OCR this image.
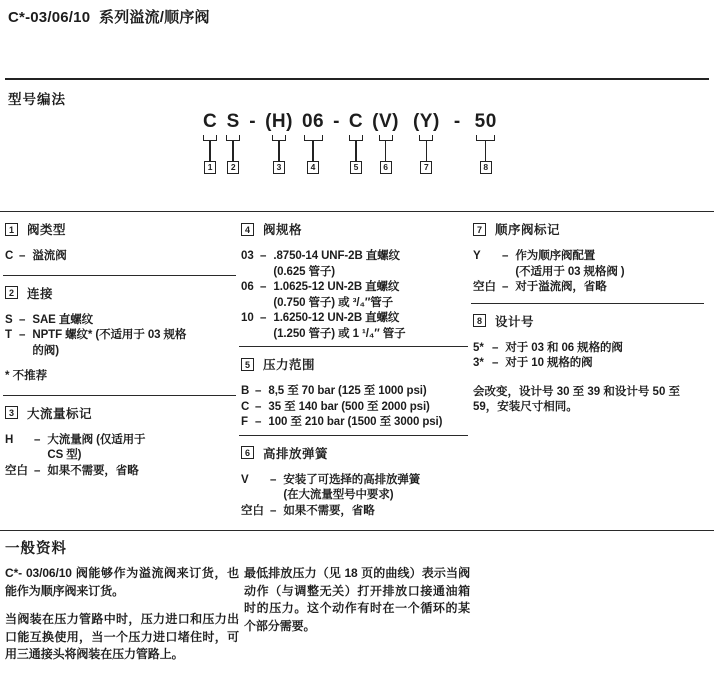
C*-03/06/10  系列溢流/顺序阀
型号编法
C
1
S
2
- (H)
3
06
4
- C
5
(V)
6
(Y)
7
- 50
8
1	阀类型
C – 溢流阀
2	连接
S – SAE 直螺纹
T – NPTF 螺纹* (不适用于 03 规格
的阀)
* 不推荐
3	大流量标记
H	– 大流量阀 (仅适用于
CS 型)
空白 – 如果不需要，省略
4	阀规格
03 – .8750-14 UNF-2B 直螺纹
(0.625 管子)
06 – 1.0625-12 UN-2B 直螺纹
(0.750 管子) 或 ³/₄″管子
10 – 1.6250-12 UN-2B 直螺纹
(1.250 管子) 或 1 ¹/₄″ 管子
5	压力范围
B – 8,5 至 70 bar (125 至 1000 psi)
C – 35 至 140 bar (500 至 2000 psi)
F – 100 至 210 bar (1500 至 3000 psi)
6	高排放弹簧
V	– 安装了可选择的高排放弹簧
(在大流量型号中要求)
空白 – 如果不需要，省略
7	顺序阀标记
Y	– 作为顺序阀配置
(不适用于 03 规格阀 )
空白 – 对于溢流阀，省略
8	设计号
5* – 对于 03 和 06 规格的阀
3* – 对于 10 规格的阀
会改变，设计号 30 至 39 和设计号 50 至 59，安装尺寸相同。
一般资料

C*- 03/06/10 阀能够作为溢流阀来订货，也能作为顺序阀来订货。

当阀装在压力管路中时，压力进口和压力出口能互换使用，当一个压力进口堵住时，可用三通接头将阀装在压力管路上。

最低排放压力（见 18 页的曲线）表示当阀动作（与调整无关）打开排放口接通油箱时的压力。这个动作有时在一个循环的某个部分需要。
